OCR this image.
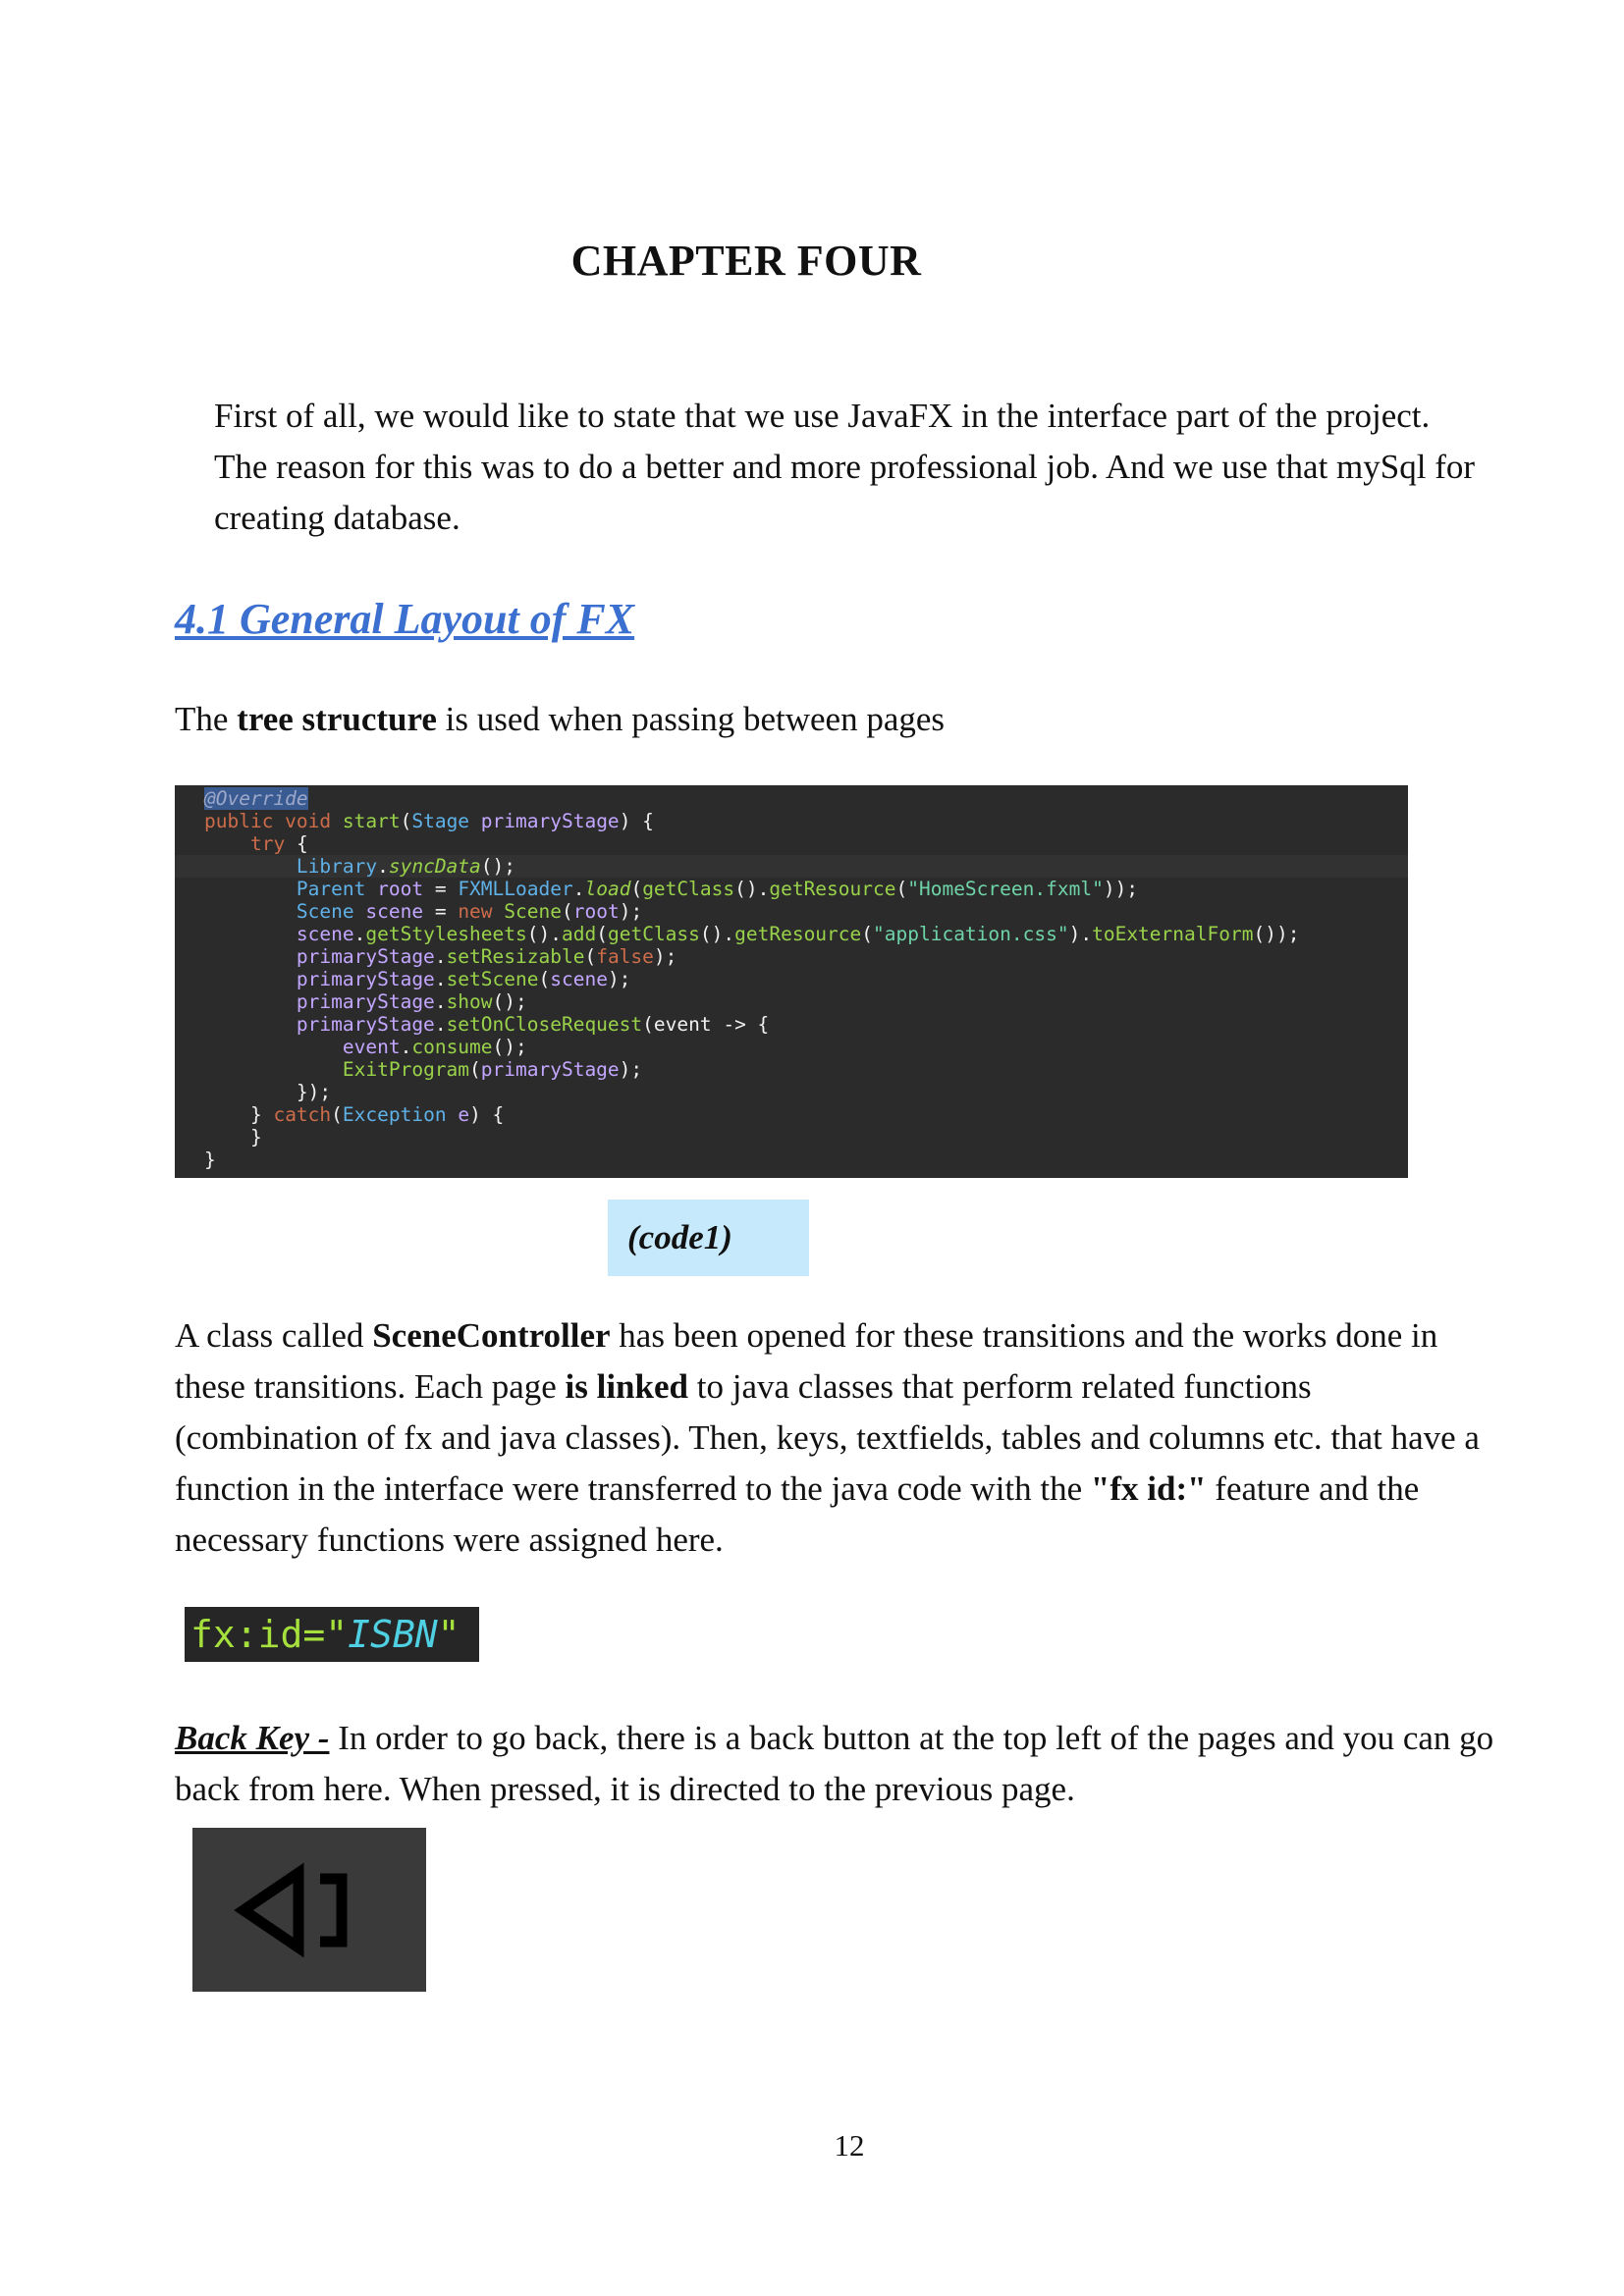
CHAPTER FOUR
First of all, we would like to state that we use JavaFX in the interface part of the project. The reason for this was to do a better and more professional job. And we use that mySql for creating database.
4.1 General Layout of FX
The tree structure is used when passing between pages
@Override
public void start(Stage primaryStage) {
try {
Library.syncData();
Parent root = FXMLLoader.load(getClass().getResource("HomeScreen.fxml"));
Scene scene = new Scene(root);
scene.getStylesheets().add(getClass().getResource("application.css").toExternalForm());
primaryStage.setResizable(false);
primaryStage.setScene(scene);
primaryStage.show();
primaryStage.setOnCloseRequest(event -> {
event.consume();
ExitProgram(primaryStage);
});
} catch(Exception e) {
}
}
(code1)
A class called SceneController has been opened for these transitions and the works done in these transitions. Each page is linked to java classes that perform related functions (combination of fx and java classes). Then, keys, textfields, tables and columns etc. that have a function in the interface were transferred to the java code with the "fx id:" feature and the necessary functions were assigned here.
fx:id="ISBN"
Back Key - In order to go back, there is a back button at the top left of the pages and you can go back from here. When pressed, it is directed to the previous page.
12
